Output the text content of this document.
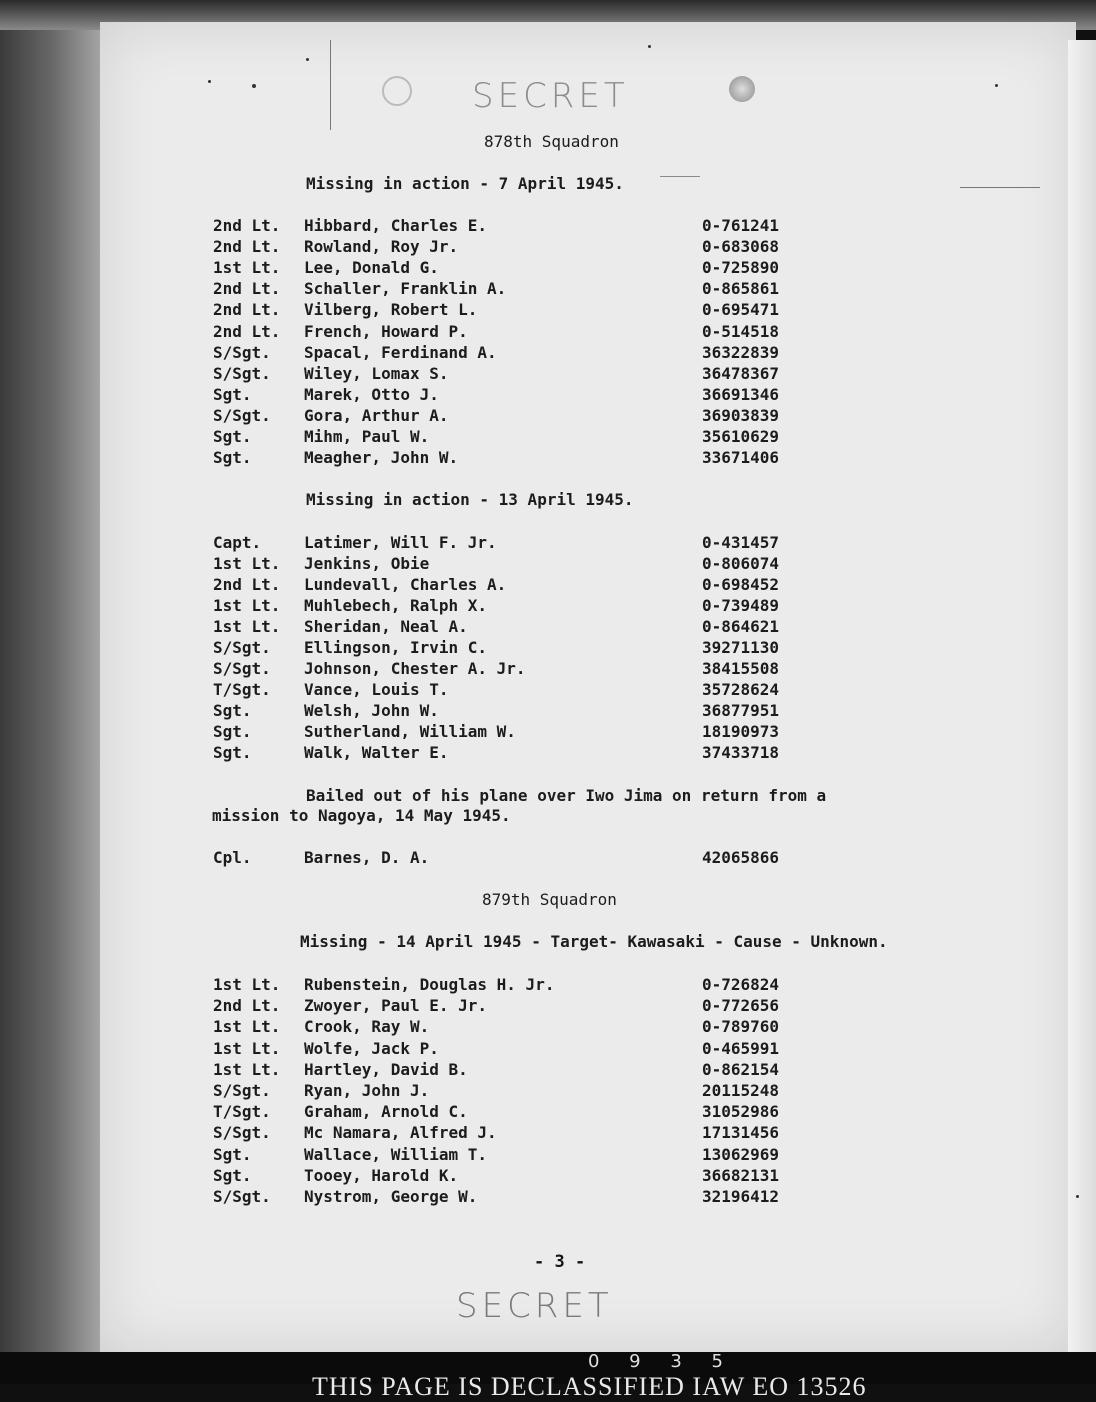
SECRET
878th Squadron
Missing in action - 7 April 1945.
2nd Lt. Hibbard, Charles E.	0-761241
2nd Lt. Rowland, Roy Jr.	0-683068
1st Lt. Lee, Donald G.	0-725890
2nd Lt. Schaller, Franklin A.	0-865861
2nd Lt. Vilberg, Robert L.	0-695471
2nd Lt. French, Howard P.	0-514518
S/Sgt. Spacal, Ferdinand A.	36322839
S/Sgt. Wiley, Lomax S.	36478367
Sgt.	Marek, Otto J.	36691346
S/Sgt. Gora, Arthur A.	36903839
Sgt.	Mihm, Paul W.	35610629
Sgt.	Meagher, John W.	33671406
Missing in action - 13 April 1945.
Capt.	Latimer, Will F. Jr.	0-431457
1st Lt. Jenkins, Obie	0-806074
2nd Lt. Lundevall, Charles A.	0-698452
1st Lt. Muhlebech, Ralph X.	0-739489
1st Lt. Sheridan, Neal A.	0-864621
S/Sgt. Ellingson, Irvin C.	39271130
S/Sgt. Johnson, Chester A. Jr.	38415508
T/Sgt. Vance, Louis T.	35728624
Sgt.	Welsh, John W.	36877951
Sgt.	Sutherland, William W.	18190973
Sgt.	Walk, Walter E.	37433718
Bailed out of his plane over Iwo Jima on return from a
mission to Nagoya, 14 May 1945.
Cpl.	Barnes, D. A.	42065866
879th Squadron
Missing - 14 April 1945 - Target- Kawasaki - Cause - Unknown.
1st Lt. Rubenstein, Douglas H. Jr.	0-726824
2nd Lt. Zwoyer, Paul E. Jr.	0-772656
1st Lt. Crook, Ray W.	0-789760
1st Lt. Wolfe, Jack P.	0-465991
1st Lt. Hartley, David B.	0-862154
S/Sgt. Ryan, John J.	20115248
T/Sgt. Graham, Arnold C.	31052986
S/Sgt. Mc Namara, Alfred J.	17131456
Sgt.	Wallace, William T.	13062969
Sgt.	Tooey, Harold K.	36682131
S/Sgt. Nystrom, George W.	32196412
- 3 -
SECRET
0 9 3 5
THIS PAGE IS DECLASSIFIED IAW EO 13526
